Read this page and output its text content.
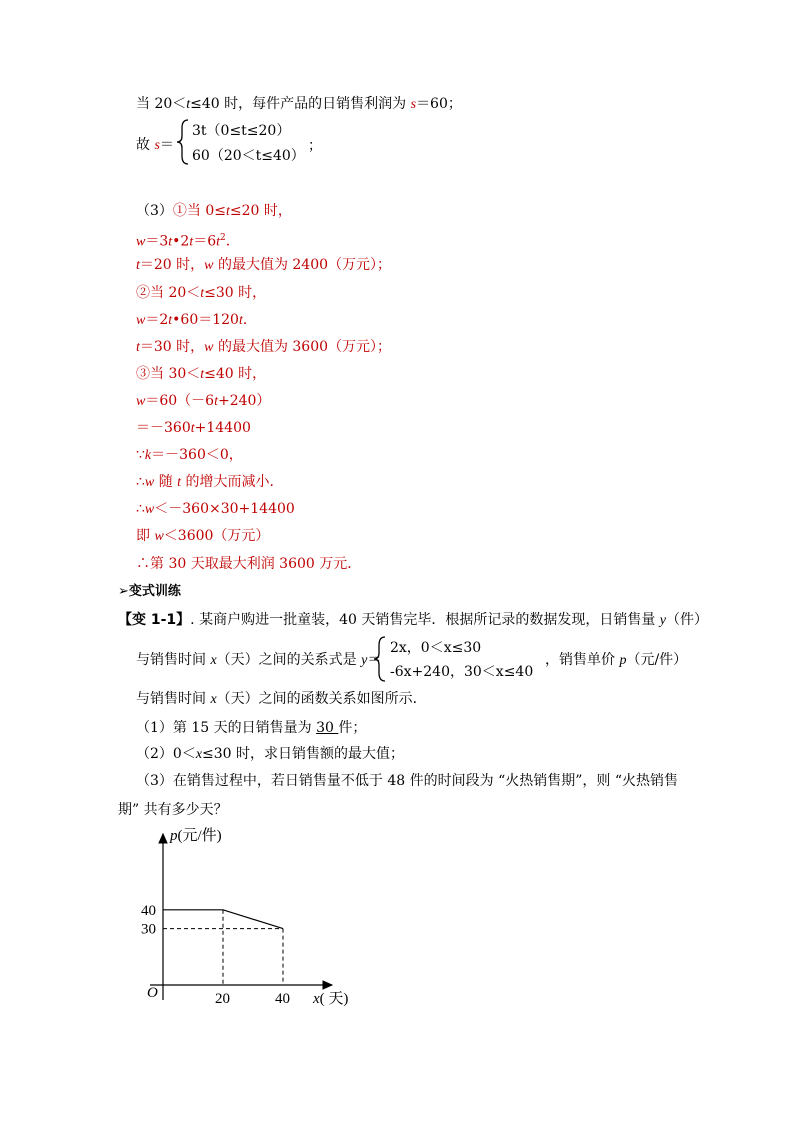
当 20＜t≤40 时，每件产品的日销售利润为 s＝60；
故 s＝
3t（0≤t≤20）
60（20＜t≤40）
；
（3）①当 0≤t≤20 时，
$w=3t•2t=6t^2$．
t＝20 时，w 的最大值为 2400（万元）；
②当 20＜t≤30 时，
w＝2t•60＝120t．
t＝30 时，w 的最大值为 3600（万元）；
③当 30＜t≤40 时，
w＝60（－6t+240）
＝－360t+14400
∵k＝－360＜0，
∴w 随 t 的增大而减小．
∴w＜－360×30+14400
即 w＜3600（万元）
∴第 30 天取最大利润 3600 万元．
➢变式训练
【变 1-1】. 某商户购进一批童装，40 天销售完毕．根据所记录的数据发现，日销售量 y（件）
与销售时间 x（天）之间的关系式是 y＝
2x，0＜x≤30
-6x+240，30＜x≤40
，销售单价 p（元/件）
与销售时间 x（天）之间的函数关系如图所示．
（1）第 15 天的日销售量为 30 件；
（2）0＜x≤30 时，求日销售额的最大值；
（3）在销售过程中，若日销售量不低于 48 件的时间段为 “火热销售期”，则 “火热销售
期” 共有多少天？
p(元/件)
x( 天)
O	20	40
40
30
